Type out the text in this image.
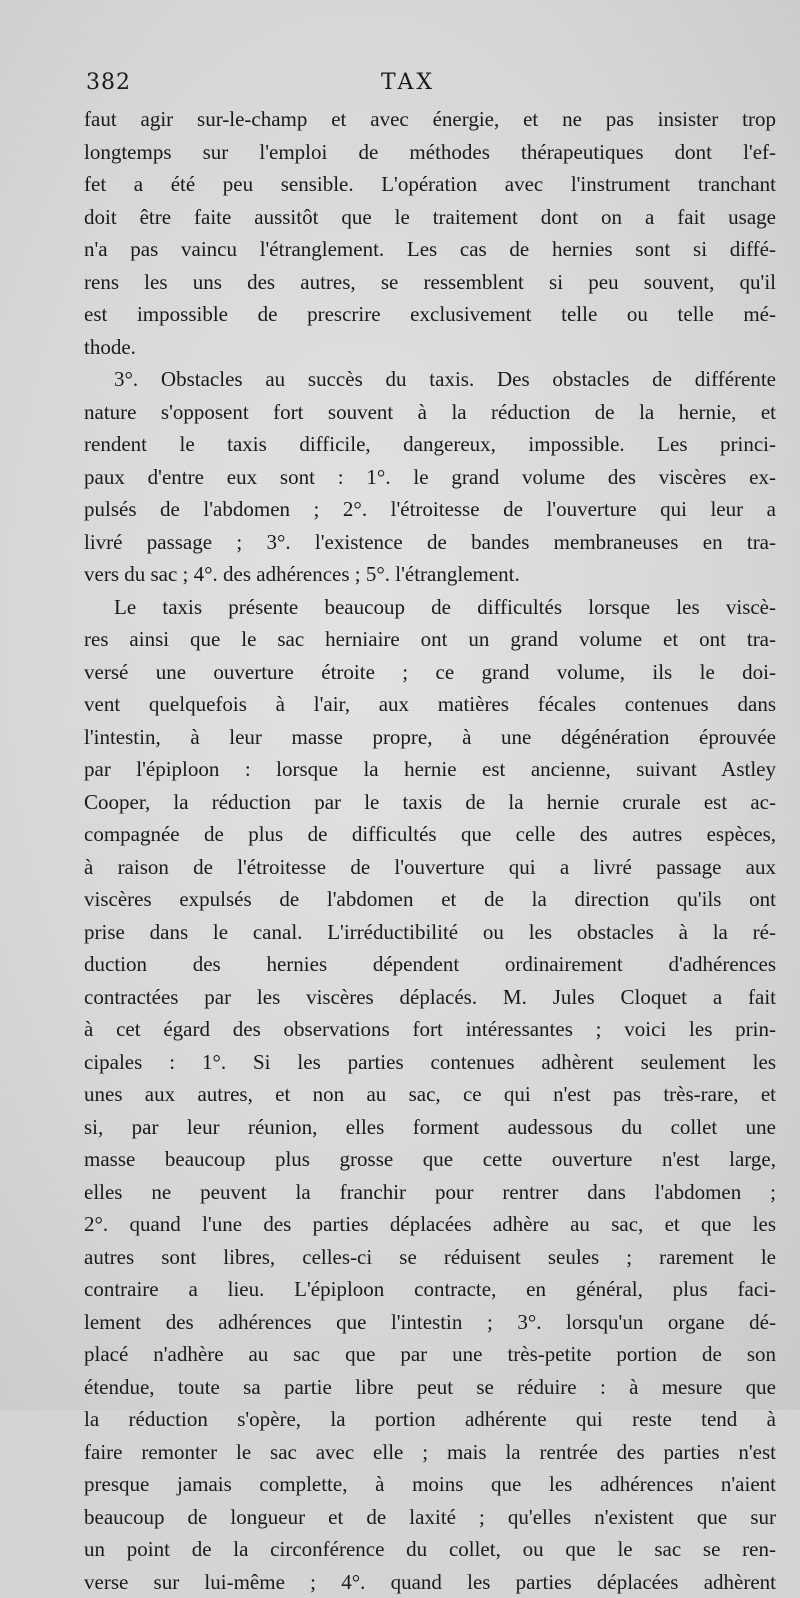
382	TAX
faut agir sur-le-champ et avec énergie, et ne pas insister trop
longtemps sur l'emploi de méthodes thérapeutiques dont l'ef-
fet a été peu sensible. L'opération avec l'instrument tranchant
doit être faite aussitôt que le traitement dont on a fait usage
n'a pas vaincu l'étranglement. Les cas de hernies sont si diffé-
rens les uns des autres, se ressemblent si peu souvent, qu'il
est impossible de prescrire exclusivement telle ou telle mé-
thode.
3°. Obstacles au succès du taxis. Des obstacles de différente
nature s'opposent fort souvent à la réduction de la hernie, et
rendent le taxis difficile, dangereux, impossible. Les princi-
paux d'entre eux sont : 1°. le grand volume des viscères ex-
pulsés de l'abdomen ; 2°. l'étroitesse de l'ouverture qui leur a
livré passage ; 3°. l'existence de bandes membraneuses en tra-
vers du sac ; 4°. des adhérences ; 5°. l'étranglement.
Le taxis présente beaucoup de difficultés lorsque les viscè-
res ainsi que le sac herniaire ont un grand volume et ont tra-
versé une ouverture étroite ; ce grand volume, ils le doi-
vent quelquefois à l'air, aux matières fécales contenues dans
l'intestin, à leur masse propre, à une dégénération éprouvée
par l'épiploon : lorsque la hernie est ancienne, suivant Astley
Cooper, la réduction par le taxis de la hernie crurale est ac-
compagnée de plus de difficultés que celle des autres espèces,
à raison de l'étroitesse de l'ouverture qui a livré passage aux
viscères expulsés de l'abdomen et de la direction qu'ils ont
prise dans le canal. L'irréductibilité ou les obstacles à la ré-
duction des hernies dépendent ordinairement d'adhérences
contractées par les viscères déplacés. M. Jules Cloquet a fait
à cet égard des observations fort intéressantes ; voici les prin-
cipales : 1°. Si les parties contenues adhèrent seulement les
unes aux autres, et non au sac, ce qui n'est pas très-rare, et
si, par leur réunion, elles forment audessous du collet une
masse beaucoup plus grosse que cette ouverture n'est large,
elles ne peuvent la franchir pour rentrer dans l'abdomen ;
2°. quand l'une des parties déplacées adhère au sac, et que les
autres sont libres, celles-ci se réduisent seules ; rarement le
contraire a lieu. L'épiploon contracte, en général, plus faci-
lement des adhérences que l'intestin ; 3°. lorsqu'un organe dé-
placé n'adhère au sac que par une très-petite portion de son
étendue, toute sa partie libre peut se réduire : à mesure que
la réduction s'opère, la portion adhérente qui reste tend à
faire remonter le sac avec elle ; mais la rentrée des parties n'est
presque jamais complette, à moins que les adhérences n'aient
beaucoup de longueur et de laxité ; qu'elles n'existent que sur
un point de la circonférence du collet, ou que le sac se ren-
verse sur lui-même ; 4°. quand les parties déplacées adhèrent
